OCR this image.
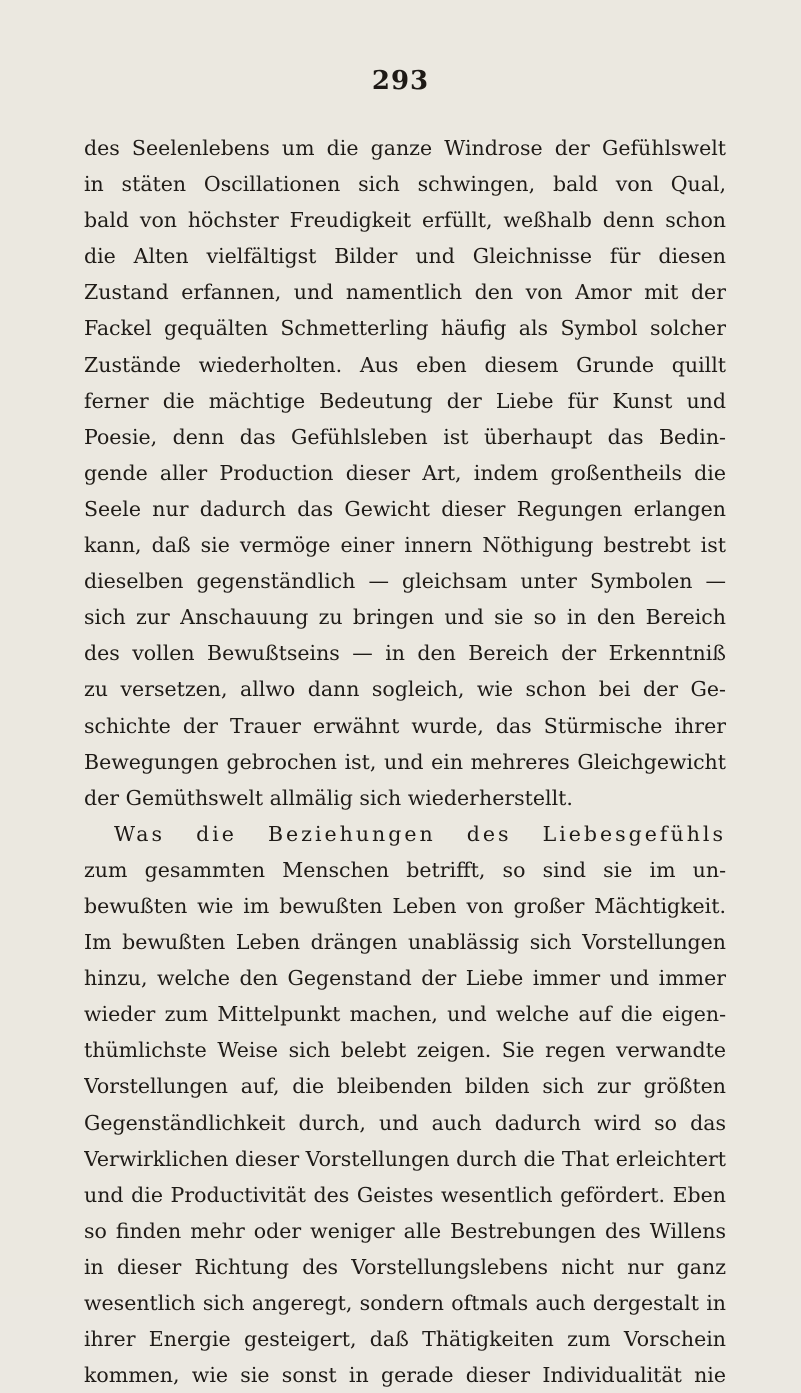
293
des Seelenlebens um die ganze Windrose der Gefühlswelt
in stäten Oscillationen sich schwingen, bald von Qual,
bald von höchster Freudigkeit erfüllt, weßhalb denn schon
die Alten vielfältigst Bilder und Gleichnisse für diesen
Zustand erfannen, und namentlich den von Amor mit der
Fackel gequälten Schmetterling häufig als Symbol solcher
Zustände wiederholten. Aus eben diesem Grunde quillt
ferner die mächtige Bedeutung der Liebe für Kunst und
Poesie, denn das Gefühlsleben ist überhaupt das Bedin-
gende aller Production dieser Art, indem großentheils die
Seele nur dadurch das Gewicht dieser Regungen erlangen
kann, daß sie vermöge einer innern Nöthigung bestrebt ist
dieselben gegenständlich — gleichsam unter Symbolen —
sich zur Anschauung zu bringen und sie so in den Bereich
des vollen Bewußtseins — in den Bereich der Erkenntniß
zu versetzen, allwo dann sogleich, wie schon bei der Ge-
schichte der Trauer erwähnt wurde, das Stürmische ihrer
Bewegungen gebrochen ist, und ein mehreres Gleichgewicht
der Gemüthswelt allmälig sich wiederherstellt.
Was die Beziehungen des Liebesgefühls
zum gesammten Menschen betrifft, so sind sie im un-
bewußten wie im bewußten Leben von großer Mächtigkeit.
Im bewußten Leben drängen unablässig sich Vorstellungen
hinzu, welche den Gegenstand der Liebe immer und immer
wieder zum Mittelpunkt machen, und welche auf die eigen-
thümlichste Weise sich belebt zeigen. Sie regen verwandte
Vorstellungen auf, die bleibenden bilden sich zur größten
Gegenständlichkeit durch, und auch dadurch wird so das
Verwirklichen dieser Vorstellungen durch die That erleichtert
und die Productivität des Geistes wesentlich gefördert. Eben
so finden mehr oder weniger alle Bestrebungen des Willens
in dieser Richtung des Vorstellungslebens nicht nur ganz
wesentlich sich angeregt, sondern oftmals auch dergestalt in
ihrer Energie gesteigert, daß Thätigkeiten zum Vorschein
kommen, wie sie sonst in gerade dieser Individualität nie
